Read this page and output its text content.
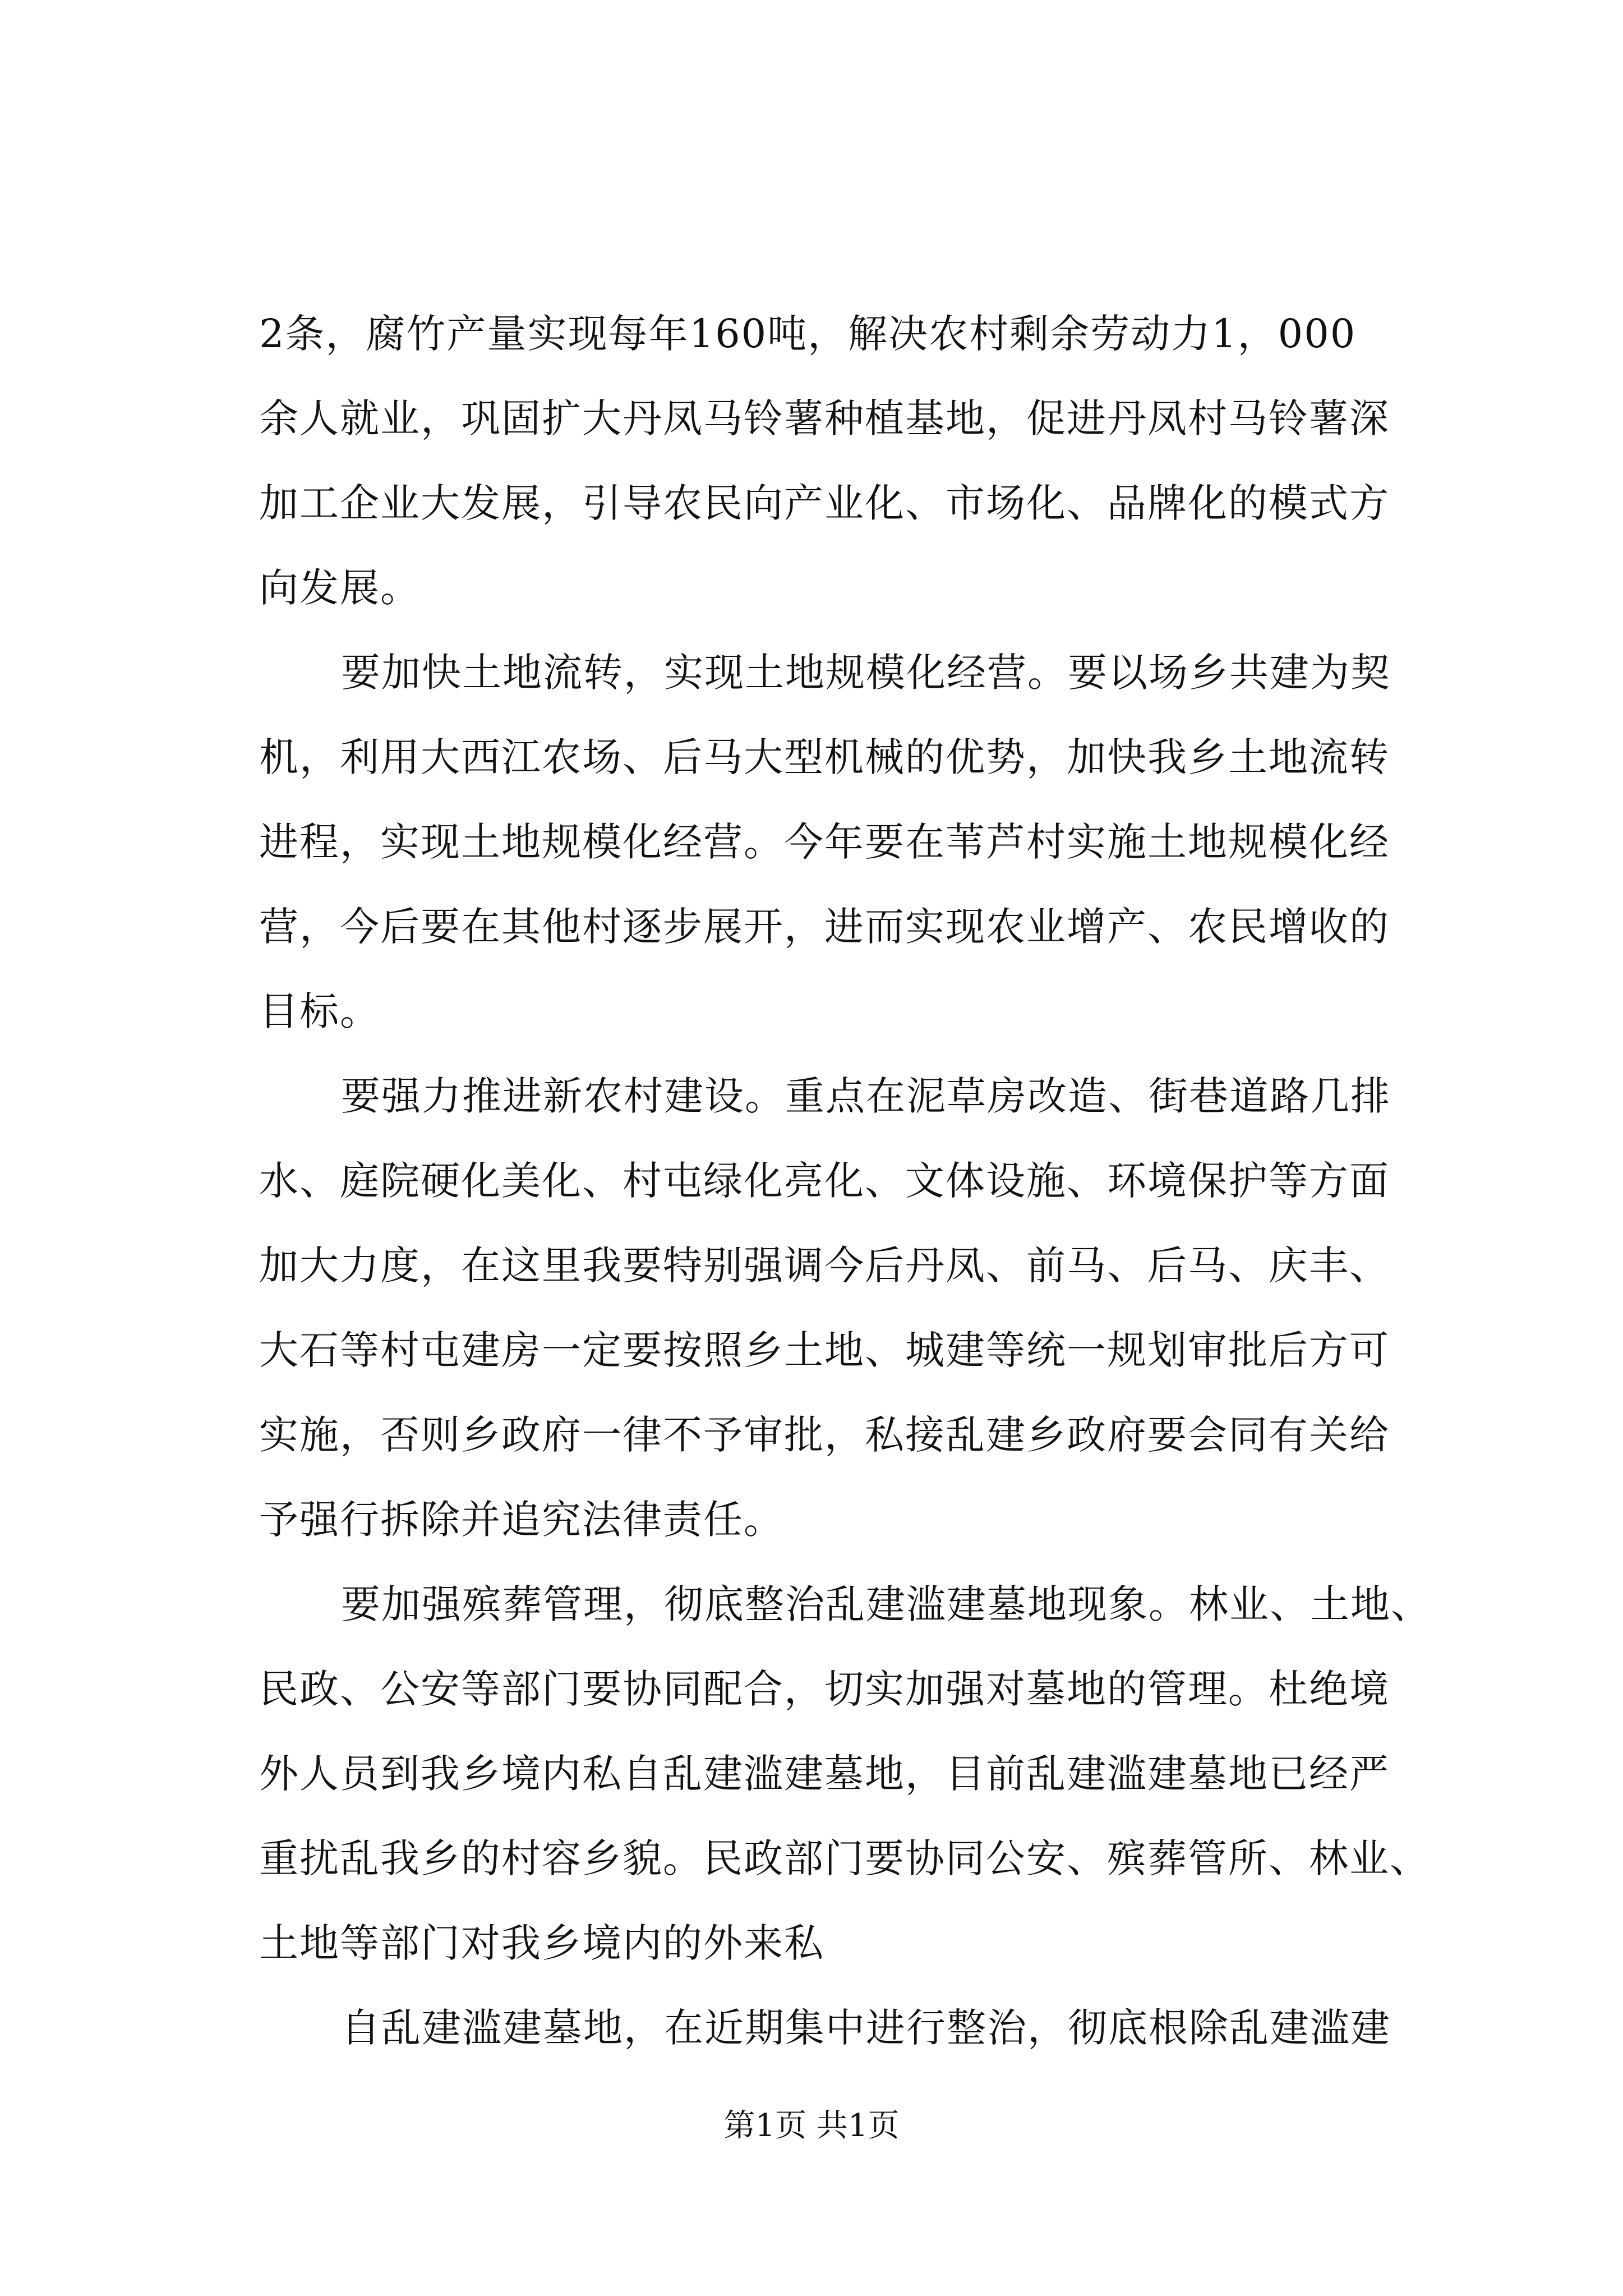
2条，腐竹产量实现每年160吨，解决农村剩余劳动力1，000
余人就业，巩固扩大丹凤马铃薯种植基地，促进丹凤村马铃薯深
加工企业大发展，引导农民向产业化、市场化、品牌化的模式方
向发展。
要加快土地流转，实现土地规模化经营。要以场乡共建为契
机，利用大西江农场、后马大型机械的优势，加快我乡土地流转
进程，实现土地规模化经营。今年要在苇芦村实施土地规模化经
营，今后要在其他村逐步展开，进而实现农业增产、农民增收的
目标。
要强力推进新农村建设。重点在泥草房改造、街巷道路几排
水、庭院硬化美化、村屯绿化亮化、文体设施、环境保护等方面
加大力度，在这里我要特别强调今后丹凤、前马、后马、庆丰、
大石等村屯建房一定要按照乡土地、城建等统一规划审批后方可
实施，否则乡政府一律不予审批，私接乱建乡政府要会同有关给
予强行拆除并追究法律责任。
要加强殡葬管理，彻底整治乱建滥建墓地现象。林业、土地、
民政、公安等部门要协同配合，切实加强对墓地的管理。杜绝境
外人员到我乡境内私自乱建滥建墓地，目前乱建滥建墓地已经严
重扰乱我乡的村容乡貌。民政部门要协同公安、殡葬管所、林业、
土地等部门对我乡境内的外来私
自乱建滥建墓地，在近期集中进行整治，彻底根除乱建滥建
第1页 共1页
